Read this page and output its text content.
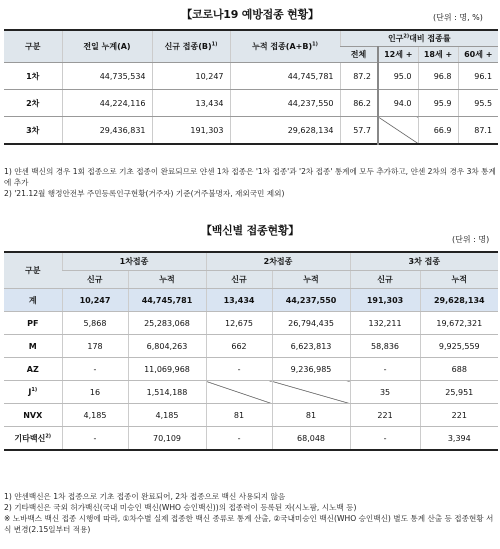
【코로나19 예방접종 현황】	(단위 : 명, %)
구분	전일 누계(A)	신규 접종$(B)^{1)}$	누적 접종$(A+B)^{1)}$	인구$^{2)}$대비 접종률			
				전체	12세 +	18세 +	60세 +
1차	44,735,534	10,247	44,745,781	87.2	95.0	96.8	96.1
2차	44,224,116	13,434	44,237,550	86.2	94.0	95.9	95.5
3차	29,436,831	191,303	29,628,134	57.7		66.9	87.1
1) 얀센 백신의 경우 1회 접종으로 기초 접종이 완료되므로 얀센 1차 접종은 '1차 접종'과 '2차 접종' 통계에 모두 추가하고, 얀센 2차의 경우 3차 통계에 추가
2) '21.12월 행정안전부 주민등록인구현황(거주자) 기준(거주불명자, 재외국민 제외)
【백신별 접종현황】
(단위 : 명)
구분	1차접종		2차접종		3차 접종	
	신규	누적	신규	누적	신규	누적
계	10,247	44,745,781	13,434	44,237,550	191,303	29,628,134
PF	5,868	25,283,068	12,675	26,794,435	132,211	19,672,321
M	178	6,804,263	662	6,623,813	58,836	9,925,559
AZ	-	11,069,968	-	9,236,985	-	688
$J^{1)}$	16	1,514,188			35	25,951
NVX	4,185	4,185	81	81	221	221
기타백신$^{2)}$	-	70,109	-	68,048	-	3,394
1) 얀센백신은 1차 접종으로 기초 접종이 완료되어, 2차 접종으로 백신 사용되지 않음
2) 기타백신은 국외 허가백신(국내 미승인 백신(WHO 승인백신))의 접종력이 등록된 자(시노팜, 시노백 등)
※ 노바백스 백신 접종 시행에 따라, ①차수별 실제 접종한 백신 종류로 통계 산출, ②국내미승인 백신(WHO 승인백신) 별도 통계 산출 등 접종현황 서식 변경(2.15일부터 적용)
